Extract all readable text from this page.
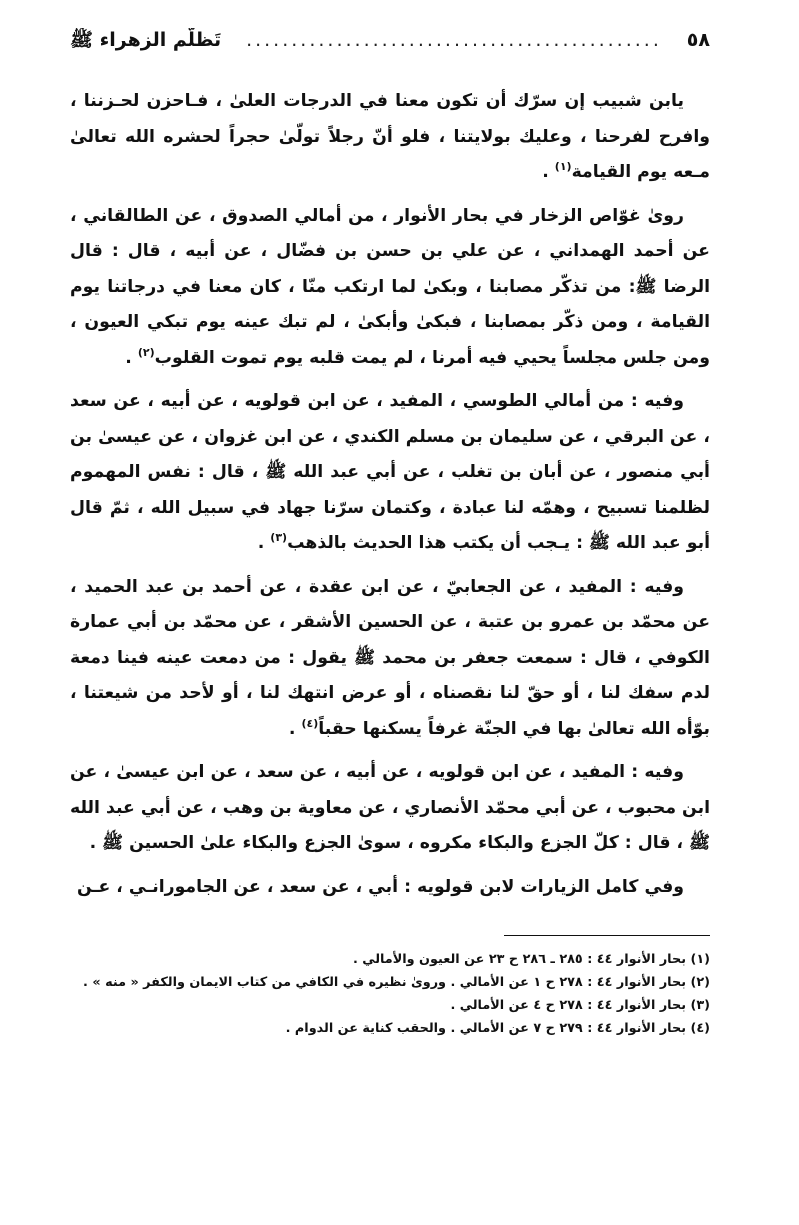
٥٨
..............................................
تَظلُّم الزهراء ﷺ

يابن شبيب إن سرّك أن تكون معنا في الدرجات العلىٰ ، فـاحزن لحـزننا ، وافرح لفرحنا ، وعليك بولايتنا ، فلو أنّ رجلاً تولّىٰ حجراً لحشره الله تعالىٰ مـعه يوم القيامة$^{(١)}$ .

روىٰ غوّاص الزخار في بحار الأنوار ، من أمالي الصدوق ، عن الطالقاني ، عن أحمد الهمداني ، عن علي بن حسن بن فضّال ، عن أبيه ، قال : قال الرضا ﷺ: من تذكّر مصابنا ، وبكىٰ لما ارتكب منّا ، كان معنا في درجاتنا يوم القيامة ، ومن ذكّر بمصابنا ، فبكىٰ وأبكىٰ ، لم تبك عينه يوم تبكي العيون ، ومن جلس مجلساً يحيي فيه أمرنا ، لم يمت قلبه يوم تموت القلوب$^{(٢)}$ .

وفيه : من أمالي الطوسي ، المفيد ، عن ابن قولويه ، عن أبيه ، عن سعد ، عن البرقي ، عن سليمان بن مسلم الكندي ، عن ابن غزوان ، عن عيسىٰ بن أبي منصور ، عن أبان بن تغلب ، عن أبي عبد الله ﷺ ، قال : نفس المهموم لظلمنا تسبيح ، وهمّه لنا عبادة ، وكتمان سرّنا جهاد في سبيل الله ، ثمّ قال أبو عبد الله ﷺ : يـجب أن يكتب هذا الحديث بالذهب$^{(٣)}$ .

وفيه : المفيد ، عن الجعابيّ ، عن ابن عقدة ، عن أحمد بن عبد الحميد ، عن محمّد بن عمرو بن عتبة ، عن الحسين الأشقر ، عن محمّد بن أبي عمارة الكوفي ، قال : سمعت جعفر بن محمد ﷺ يقول : من دمعت عينه فينا دمعة لدم سفك لنا ، أو حقّ لنا نقصناه ، أو عرض انتهك لنا ، أو لأحد من شيعتنا ، بوّأه الله تعالىٰ بها في الجنّة غرفاً يسكنها حقباً$^{(٤)}$ .

وفيه : المفيد ، عن ابن قولويه ، عن أبيه ، عن سعد ، عن ابن عيسىٰ ، عن ابن محبوب ، عن أبي محمّد الأنصاري ، عن معاوية بن وهب ، عن أبي عبد الله ﷺ ، قال : كلّ الجزع والبكاء مكروه ، سوىٰ الجزع والبكاء علىٰ الحسين ﷺ .

وفي كامل الزيارات لابن قولويه : أبي ، عن سعد ، عن الجامورانـي ، عـن

(١) بحار الأنوار ٤٤ : ٢٨٥ ـ ٢٨٦ ح ٢٣ عن العيون والأمالي .
(٢) بحار الأنوار ٤٤ : ٢٧٨ ح ١ عن الأمالي . وروىٰ نظيره في الكافي من كتاب الايمان والكفر « منه » .
(٣) بحار الأنوار ٤٤ : ٢٧٨ ح ٤ عن الأمالي .
(٤) بحار الأنوار ٤٤ : ٢٧٩ ح ٧ عن الأمالي . والحقب كناية عن الدوام .
